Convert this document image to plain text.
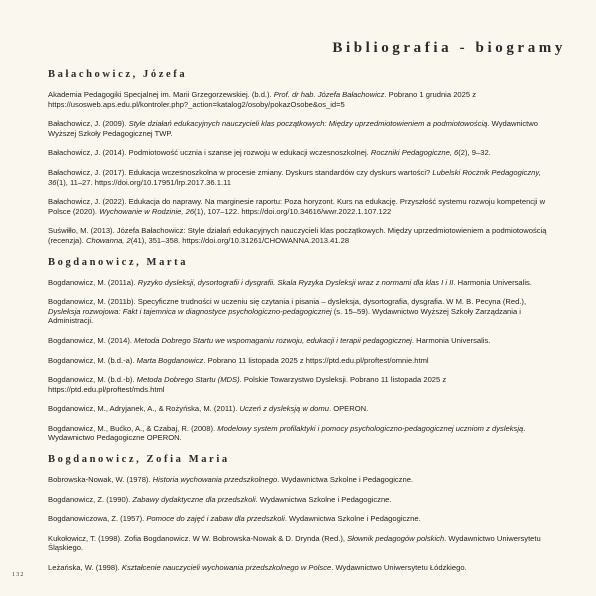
Bibliografia - biogramy
Bałachowicz, Józefa

Akademia Pedagogiki Specjalnej im. Marii Grzegorzewskiej. (b.d.). Prof. dr hab. Józefa Bałachowicz. Pobrano 1 grudnia 2025 z https://usosweb.aps.edu.pl/kontroler.php?_action=katalog2/osoby/pokazOsobe&os_id=5

Bałachowicz, J. (2009). Style działań edukacyjnych nauczycieli klas początkowych: Między uprzedmiotowieniem a podmiotowością. Wydawnictwo Wyższej Szkoły Pedagogicznej TWP.

Bałachowicz, J. (2014). Podmiotowość ucznia i szanse jej rozwoju w edukacji wczesnoszkolnej. Roczniki Pedagogiczne, 6(2), 9–32.

Bałachowicz, J. (2017). Edukacja wczesnoszkolna w procesie zmiany. Dyskurs standardów czy dyskurs wartości? Lubelski Rocznik Pedagogiczny, 36(1), 11–27. https://doi.org/10.17951/lrp.2017.36.1.11

Bałachowicz, J. (2022). Edukacja do naprawy. Na marginesie raportu: Poza horyzont. Kurs na edukację. Przyszłość systemu rozwoju kompetencji w Polsce (2020). Wychowanie w Rodzinie, 26(1), 107–122. https://doi.org/10.34616/wwr.2022.1.107.122

Suświłło, M. (2013). Józefa Bałachowicz: Style działań edukacyjnych nauczycieli klas początkowych. Między uprzedmiotowieniem a podmiotowością (recenzja). Chowanna, 2(41), 351–358. https://doi.org/10.31261/CHOWANNA.2013.41.28

Bogdanowicz, Marta

Bogdanowicz, M. (2011a). Ryzyko dysleksji, dysortografii i dysgrafii. Skala Ryzyka Dysleksji wraz z normami dla klas I i II. Harmonia Universalis.

Bogdanowicz, M. (2011b). Specyficzne trudności w uczeniu się czytania i pisania – dysleksja, dysortografia, dysgrafia. W M. B. Pecyna (Red.), Dysleksja rozwojowa: Fakt i tajemnica w diagnostyce psychologiczno-pedagogicznej (s. 15–59). Wydawnictwo Wyższej Szkoły Zarządzania i Administracji.

Bogdanowicz, M. (2014). Metoda Dobrego Startu we wspomaganiu rozwoju, edukacji i terapii pedagogicznej. Harmonia Universalis.

Bogdanowicz, M. (b.d.-a). Marta Bogdanowicz. Pobrano 11 listopada 2025 z https://ptd.edu.pl/proftest/omnie.html

Bogdanowicz, M. (b.d.-b). Metoda Dobrego Startu (MDS). Polskie Towarzystwo Dysleksji. Pobrano 11 listopada 2025 z https://ptd.edu.pl/proftest/mds.html

Bogdanowicz, M., Adryjanek, A., & Rożyńska, M. (2011). Uczeń z dysleksją w domu. OPERON.

Bogdanowicz, M., Bućko, A., & Czabaj, R. (2008). Modelowy system profilaktyki i pomocy psychologiczno-pedagogicznej uczniom z dysleksją. Wydawnictwo Pedagogiczne OPERON.

Bogdanowicz, Zofia Maria

Bobrowska-Nowak, W. (1978). Historia wychowania przedszkolnego. Wydawnictwa Szkolne i Pedagogiczne.

Bogdanowicz, Z. (1990). Zabawy dydaktyczne dla przedszkoli. Wydawnictwa Szkolne i Pedagogiczne.

Bogdanowiczowa, Z. (1957). Pomoce do zajęć i zabaw dla przedszkoli. Wydawnictwa Szkolne i Pedagogiczne.

Kukołowicz, T. (1998). Zofia Bogdanowicz. W W. Bobrowska-Nowak & D. Drynda (Red.), Słownik pedagogów polskich. Wydawnictwo Uniwersytetu Śląskiego.

Leżańska, W. (1998). Kształcenie nauczycieli wychowania przedszkolnego w Polsce. Wydawnictwo Uniwersytetu Łódzkiego.

132
